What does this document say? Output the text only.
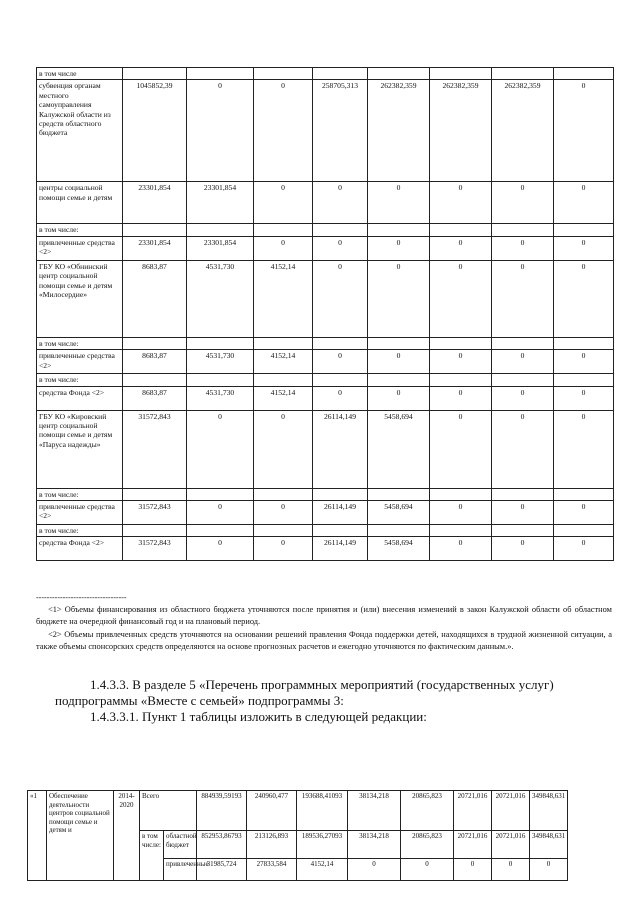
в том числе								
субвенция органам местного самоуправления Калужской области из средств областного бюджета	1045852,39	0	0	258705,313	262382,359	262382,359	262382,359	0
центры социальной помощи семье и детям	23301,854	23301,854	0	0	0	0	0	0
в том числе:								
привлеченные средства <2>	23301,854	23301,854	0	0	0	0	0	0
ГБУ КО «Обнинский центр социальной помощи семье и детям «Милосердие»	8683,87	4531,730	4152,14	0	0	0	0	0
в том числе:								
привлеченные средства <2>	8683,87	4531,730	4152,14	0	0	0	0	0
в том числе:								
средства Фонда <2>	8683,87	4531,730	4152,14	0	0	0	0	0
ГБУ КО «Кировский центр социальной помощи семье и детям «Паруса надежды»	31572,843	0	0	26114,149	5458,694	0	0	0
в том числе:								
привлеченные средства <2>	31572,843	0	0	26114,149	5458,694	0	0	0
в том числе:								
средства Фонда <2>	31572,843	0	0	26114,149	5458,694	0	0	0
----------------------------------
<1> Объемы финансирования из областного бюджета уточняются после принятия и (или) внесения изменений в закон Калужской области об областном бюджете на очередной финансовый год и на плановый период.
<2> Объемы привлеченных средств уточняются на основании решений правления Фонда поддержки детей, находящихся в трудной жизненной ситуации, а также объемы спонсорских средств определяются на основе прогнозных расчетов и ежегодно уточняются по фактическим данным.».
1.4.3.3. В разделе 5 «Перечень программных мероприятий (государственных услуг)
подпрограммы «Вместе с семьей» подпрограммы 3:
1.4.3.3.1. Пункт 1 таблицы изложить в следующей редакции:
«1	Обеспечение деятельности центров социальной помощи семье и детям и	2014-2020	Всего		884939,59193	240960,477	193688,41093	38134,218	20865,823	20721,016	20721,016	349848,631	
			в том числе:	областной бюджет	852953,86793	213126,893	189536,27093	38134,218	20865,823	20721,016	20721,016	349848,631	
				привлеченные	31985,724	27833,584	4152,14	0	0	0	0	0	
